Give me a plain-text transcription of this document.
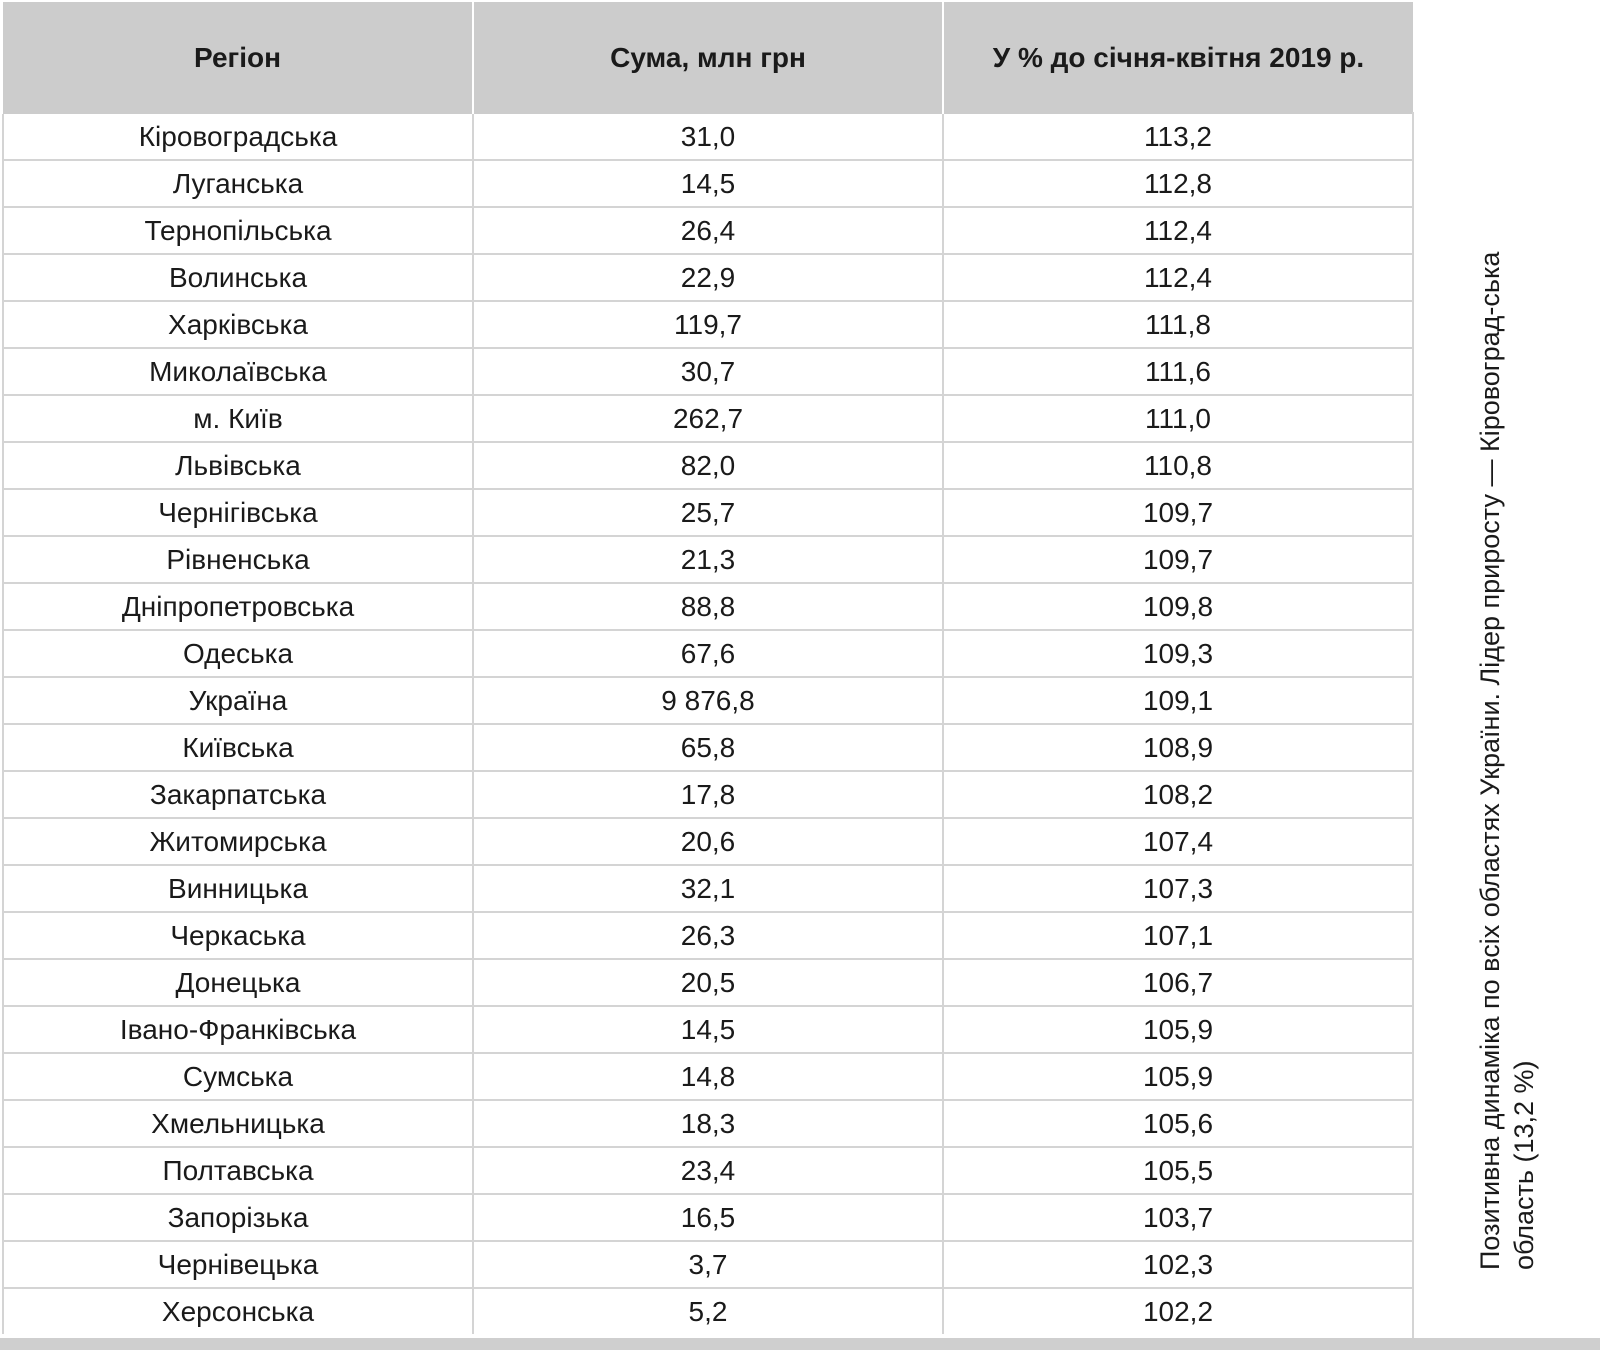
Регіон	Сума, млн грн	У % до січня-квітня 2019 р.
Кіровоградська	31,0	113,2
Луганська	14,5	112,8
Тернопільська	26,4	112,4
Волинська	22,9	112,4
Харківська	119,7	111,8
Миколаївська	30,7	111,6
м. Київ	262,7	111,0
Львівська	82,0	110,8
Чернігівська	25,7	109,7
Рівненська	21,3	109,7
Дніпропетровська	88,8	109,8
Одеська	67,6	109,3
Україна	9 876,8	109,1
Київська	65,8	108,9
Закарпатська	17,8	108,2
Житомирська	20,6	107,4
Винницька	32,1	107,3
Черкаська	26,3	107,1
Донецька	20,5	106,7
Івано-Франківська	14,5	105,9
Сумська	14,8	105,9
Хмельницька	18,3	105,6
Полтавська	23,4	105,5
Запорізька	16,5	103,7
Чернівецька	3,7	102,3
Херсонська	5,2	102,2
Позитивна динаміка по всіх областях України. Лідер приросту — Кіровоград-ська область (13,2 %)
